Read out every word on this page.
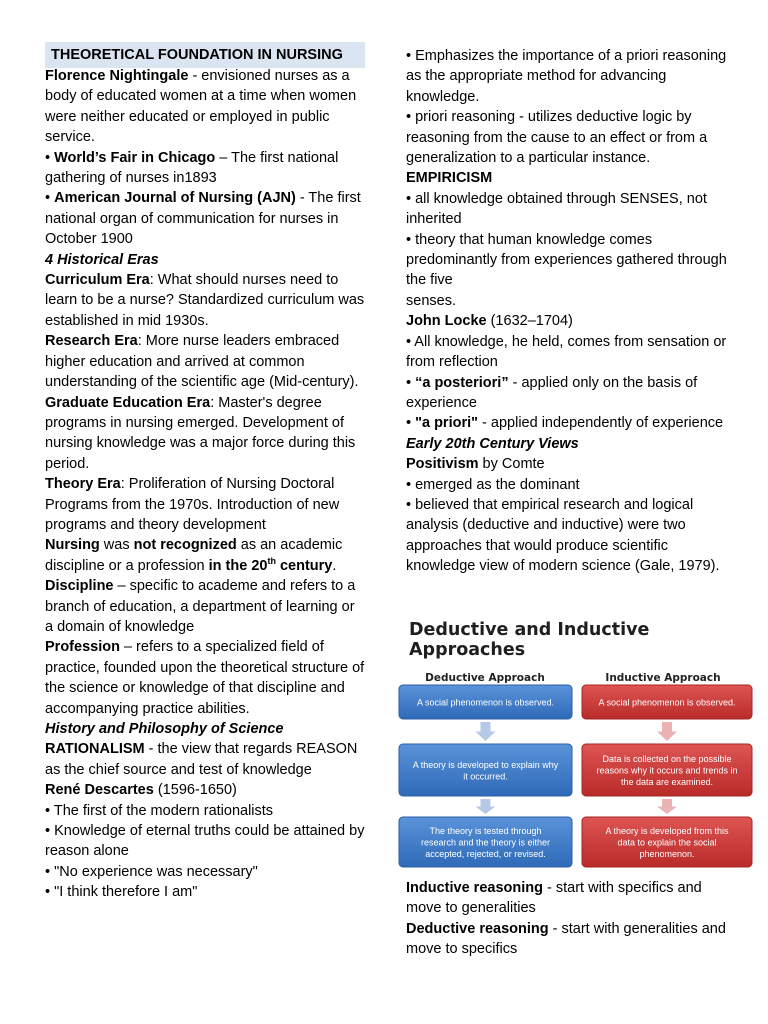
THEORETICAL FOUNDATION IN NURSING

Florence Nightingale - envisioned nurses as a body of educated women at a time when women were neither educated or employed in public service.

• World’s Fair in Chicago – The first national gathering of nurses in1893

• American Journal of Nursing (AJN) - The first national organ of communication for nurses in October 1900

4 Historical Eras

Curriculum Era: What should nurses need to learn to be a nurse? Standardized curriculum was established in mid 1930s.

Research Era: More nurse leaders embraced higher education and arrived at common understanding of the scientific age (Mid-century).

Graduate Education Era: Master's degree programs in nursing emerged. Development of nursing knowledge was a major force during this period.

Theory Era: Proliferation of Nursing Doctoral Programs from the 1970s. Introduction of new programs and theory development

Nursing was not recognized as an academic discipline or a profession in the 20th century.

Discipline – specific to academe and refers to a branch of education, a department of learning or a domain of knowledge

Profession – refers to a specialized field of practice, founded upon the theoretical structure of the science or knowledge of that discipline and accompanying practice abilities.

History and Philosophy of Science

RATIONALISM - the view that regards REASON as the chief source and test of knowledge

René Descartes (1596-1650)

• The first of the modern rationalists

• Knowledge of eternal truths could be attained by reason alone

• "No experience was necessary"

• "I think therefore I am"

• Emphasizes the importance of a priori reasoning as the appropriate method for advancing knowledge.

• priori reasoning - utilizes deductive logic by reasoning from the cause to an effect or from a generalization to a particular instance.

EMPIRICISM

• all knowledge obtained through SENSES, not inherited

• theory that human knowledge comes predominantly from experiences gathered through the five

senses.

John Locke (1632–1704)

• All knowledge, he held, comes from sensation or from reflection

• “a posteriori” - applied only on the basis of experience

• "a priori" - applied independently of experience

Early 20th Century Views

Positivism by Comte

• emerged as the dominant

• believed that empirical research and logical analysis (deductive and inductive) were two approaches that would produce scientific knowledge view of modern science (Gale, 1979).

Deductive and Inductive Approaches
Deductive Approach	Inductive Approach
A social phenomenon is observed.
A theory is developed to explain why
it occurred.
The theory is tested through
research and the theory is either
accepted, rejected, or revised.
A social phenomenon is observed.
Data is collected on the possible
reasons why it occurs and trends in
the data are examined.
A theory is developed from this
data to explain the social
phenomenon.

Inductive reasoning - start with specifics and move to generalities

Deductive reasoning - start with generalities and move to specifics
